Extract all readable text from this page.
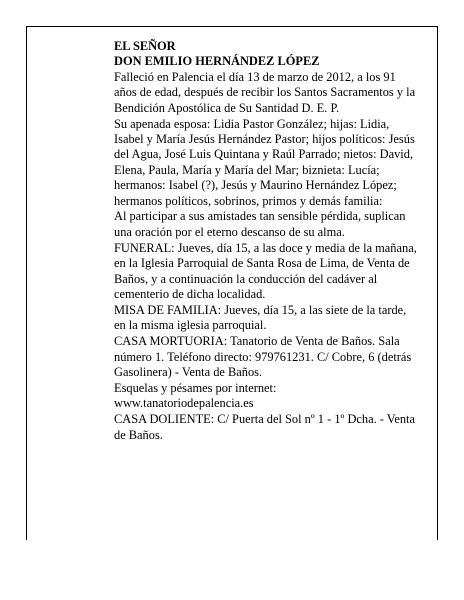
EL SEÑOR

DON EMILIO HERNÁNDEZ LÓPEZ

Falleció en Palencia el día 13 de marzo de 2012, a los 91 años de edad, después de recibir los Santos Sacramentos y la Bendición Apostólica de Su Santidad D. E. P.

Su apenada esposa: Lidia Pastor González; hijas: Lidia, Isabel y María Jesús Hernández Pastor; hijos políticos: Jesús del Agua, José Luis Quintana y Raúl Parrado; nietos: David, Elena, Paula, María y María del Mar; biznieta: Lucía; hermanos: Isabel (?), Jesús y Maurino Hernández López; hermanos políticos, sobrinos, primos y demás familia:

Al participar a sus amistades tan sensible pérdida, suplican una oración por el eterno descanso de su alma.

FUNERAL: Jueves, día 15, a las doce y media de la mañana, en la Iglesia Parroquial de Santa Rosa de Lima, de Venta de Baños, y a continuación la conducción del cadáver al cementerio de dicha localidad.

MISA DE FAMILIA: Jueves, día 15, a las siete de la tarde, en la misma iglesia parroquial.

CASA MORTUORIA: Tanatorio de Venta de Baños. Sala número 1. Teléfono directo: 979761231. C/ Cobre, 6 (detrás Gasolinera) - Venta de Baños.

Esquelas y pésames por internet: www.tanatoriodepalencia.es

CASA DOLIENTE: C/ Puerta del Sol nº 1 - 1º Dcha. - Venta de Baños.
